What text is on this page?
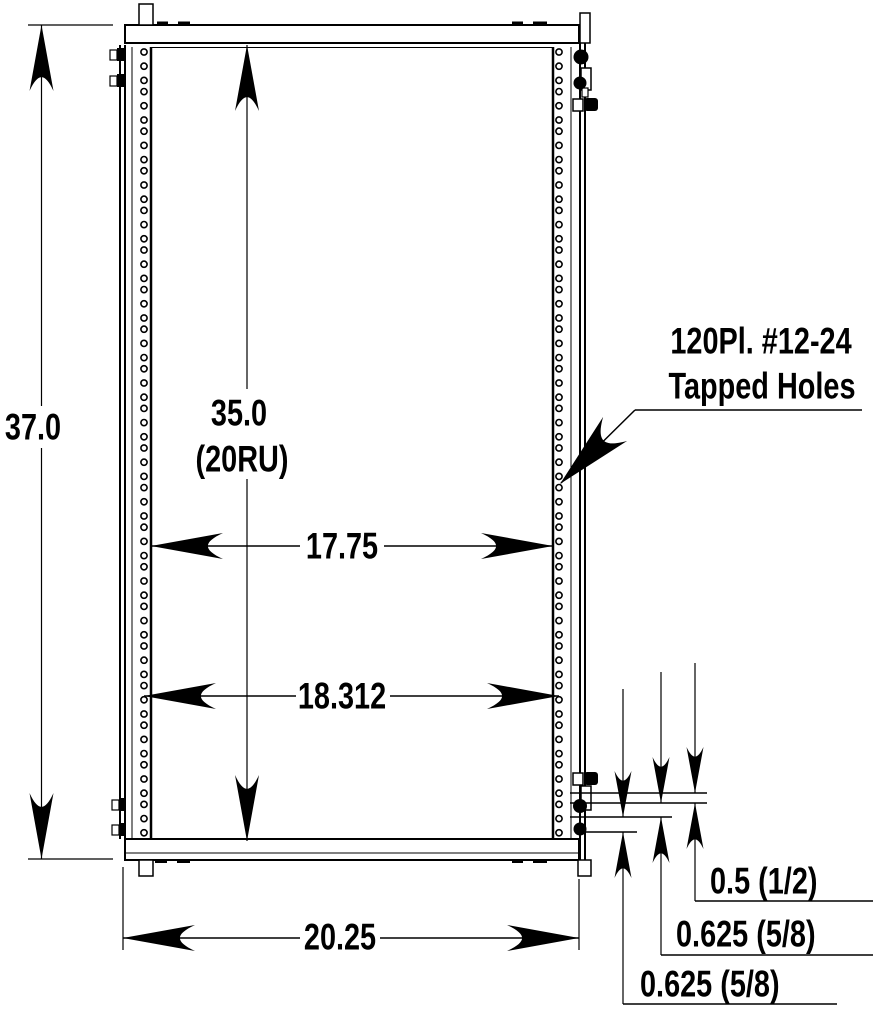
37.0	35.0
(20RU)
17.75
18.312
20.25
120Pl. #12-24
Tapped Holes
0.5 (1/2)
0.625 (5/8)
0.625 (5/8)
